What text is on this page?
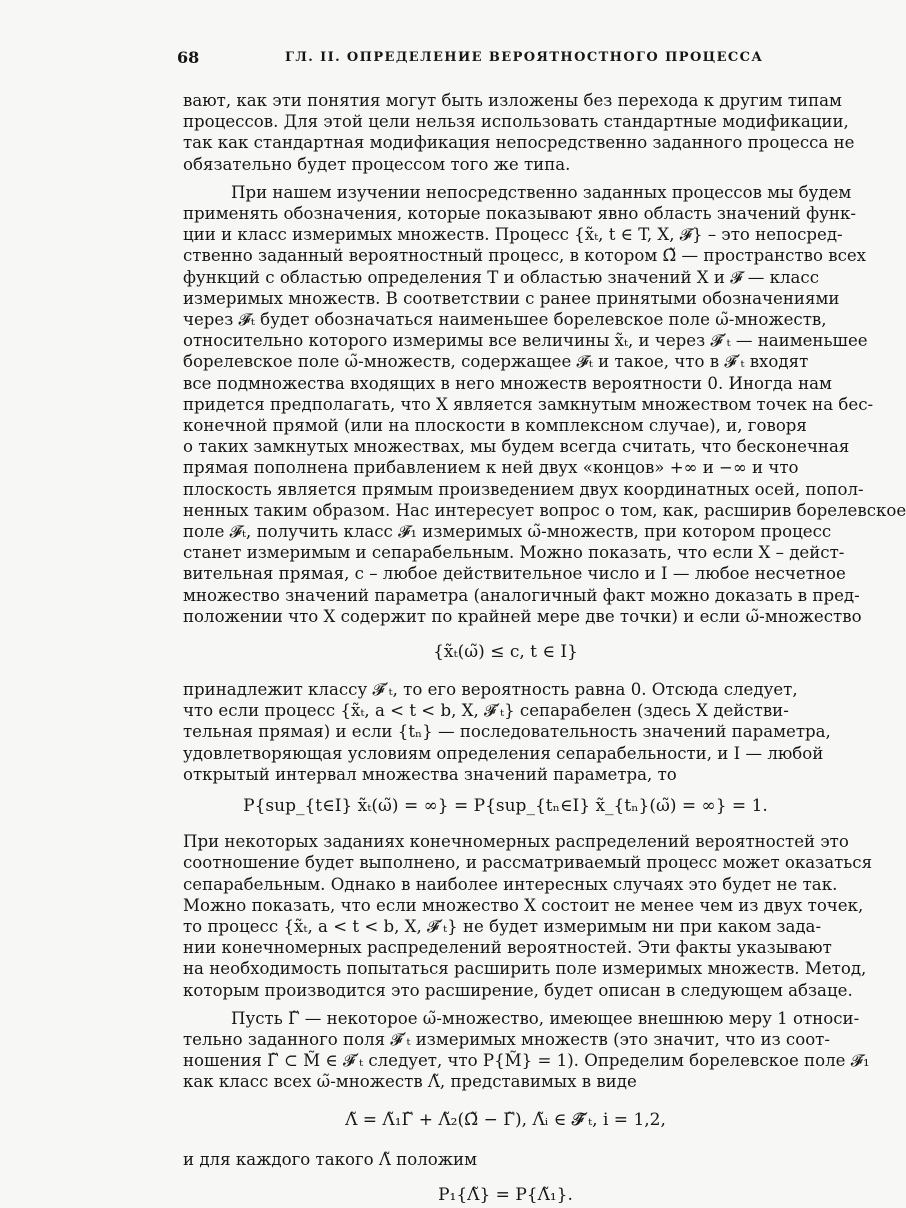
68	ГЛ. II. ОПРЕДЕЛЕНИЕ ВЕРОЯТНОСТНОГО ПРОЦЕССА
вают, как эти понятия могут быть изложены без перехода к другим типам
процессов. Для этой цели нельзя использовать стандартные модификации,
так как стандартная модификация непосредственно заданного процесса не
обязательно будет процессом того же типа.
При нашем изучении непосредственно заданных процессов мы будем
применять обозначения, которые показывают явно область значений функ-
ции и класс измеримых множеств. Процесс {x̃ₜ, t ∈ T, X, 𝓕̃} – это непосред-
ственно заданный вероятностный процесс, в котором Ω̃ — пространство всех
функций с областью определения T и областью значений X и 𝓕̃ — класс
измеримых множеств. В соответствии с ранее принятыми обозначениями
через 𝓕̃ₜ будет обозначаться наименьшее борелевское поле ω̃-множеств,
относительно которого измеримы все величины x̃ₜ, и через 𝓕̃′ₜ — наименьшее
борелевское поле ω̃-множеств, содержащее 𝓕̃ₜ и такое, что в 𝓕̃′ₜ входят
все подмножества входящих в него множеств вероятности 0. Иногда нам
придется предполагать, что X является замкнутым множеством точек на бес-
конечной прямой (или на плоскости в комплексном случае), и, говоря
о таких замкнутых множествах, мы будем всегда считать, что бесконечная
прямая пополнена прибавлением к ней двух «концов» +∞ и −∞ и что
плоскость является прямым произведением двух координатных осей, попол-
ненных таким образом. Нас интересует вопрос о том, как, расширив борелевское
поле 𝓕̃ₜ, получить класс 𝓕̃₁ измеримых ω̃-множеств, при котором процесс
станет измеримым и сепарабельным. Можно показать, что если X – дейст-
вительная прямая, c – любое действительное число и I — любое несчетное
множество значений параметра (аналогичный факт можно доказать в пред-
положении что X содержит по крайней мере две точки) и если ω̃-множество
{x̃ₜ(ω̃) ≤ c, t ∈ I}
принадлежит классу 𝓕̃′ₜ, то его вероятность равна 0. Отсюда следует,
что если процесс {x̃ₜ, a < t < b, X, 𝓕̃′ₜ} сепарабелен (здесь X действи-
тельная прямая) и если {tₙ} — последовательность значений параметра,
удовлетворяющая условиям определения сепарабельности, и I — любой
открытый интервал множества значений параметра, то
P{sup_{t∈I} x̃ₜ(ω̃) = ∞} = P{sup_{tₙ∈I} x̃_{tₙ}(ω̃) = ∞} = 1.
При некоторых заданиях конечномерных распределений вероятностей это
соотношение будет выполнено, и рассматриваемый процесс может оказаться
сепарабельным. Однако в наиболее интересных случаях это будет не так.
Можно показать, что если множество X состоит не менее чем из двух точек,
то процесс {x̃ₜ, a < t < b, X, 𝓕̃′ₜ} не будет измеримым ни при каком зада-
нии конечномерных распределений вероятностей. Эти факты указывают
на необходимость попытаться расширить поле измеримых множеств. Метод,
которым производится это расширение, будет описан в следующем абзаце.
Пусть Γ̃ — некоторое ω̃-множество, имеющее внешнюю меру 1 относи-
тельно заданного поля 𝓕̃′ₜ измеримых множеств (это значит, что из соот-
ношения Γ̃ ⊂ M̃ ∈ 𝓕̃′ₜ следует, что P{M̃} = 1). Определим борелевское поле 𝓕̃₁
как класс всех ω̃-множеств Λ̃, представимых в виде
Λ̃ = Λ̃₁Γ̃ + Λ̃₂(Ω̃ − Γ̃), Λ̃ᵢ ∈ 𝓕̃′ₜ, i = 1,2,
и для каждого такого Λ̃ положим
P₁{Λ̃} = P{Λ̃₁}.
